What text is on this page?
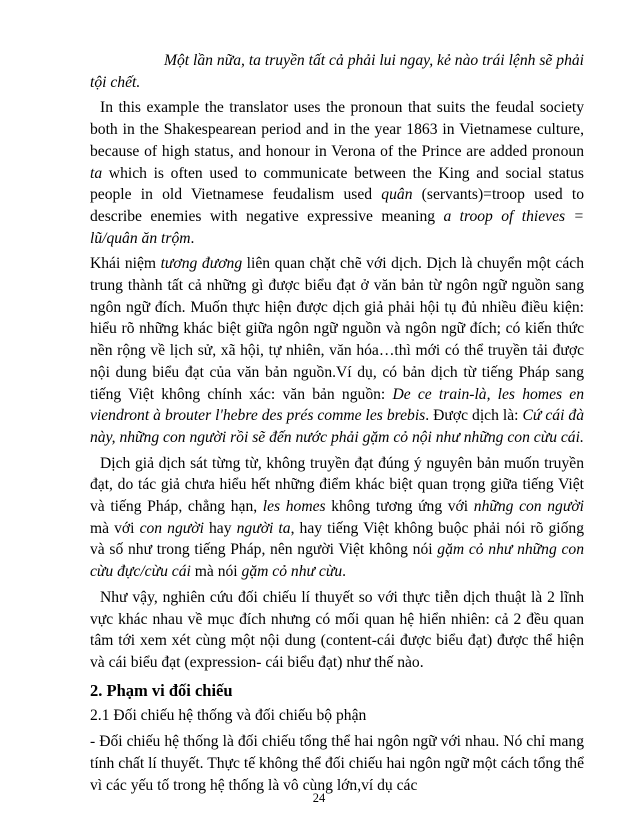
Một lần nữa, ta truyền tất cả phải lui ngay, kẻ nào trái lệnh sẽ phải tội chết.

In this example the translator uses the pronoun that suits the feudal society both in the Shakespearean period and in the year 1863 in Vietnamese culture, because of high status, and honour in Verona of the Prince are added pronoun ta which is often used to communicate between the King and social status people in old Vietnamese feudalism used quân (servants)=troop used to describe enemies with negative expressive meaning a troop of thieves = lũ/quân ăn trộm.

Khái niệm tương đương liên quan chặt chẽ với dịch. Dịch là chuyển một cách trung thành tất cả những gì được biểu đạt ở văn bản từ ngôn ngữ nguồn sang ngôn ngữ đích. Muốn thực hiện được dịch giả phải hội tụ đủ nhiều điều kiện: hiểu rõ những khác biệt giữa ngôn ngữ nguồn và ngôn ngữ đích; có kiến thức nền rộng về lịch sử, xã hội, tự nhiên, văn hóa…thì mới có thể truyền tải được nội dung biểu đạt của văn bản nguồn.Ví dụ, có bản dịch từ tiếng Pháp sang tiếng Việt không chính xác: văn bản nguồn: De ce train-là, les homes en viendront à brouter l'hebre des prés comme les brebis. Được dịch là: Cứ cái đà này, những con người rồi sẽ đến nước phải gặm cỏ nội như những con cừu cái.

Dịch giả dịch sát từng từ, không truyền đạt đúng ý nguyên bản muốn truyền đạt, do tác giả chưa hiểu hết những điểm khác biệt quan trọng giữa tiếng Việt và tiếng Pháp, chẳng hạn, les homes không tương ứng với những con người mà với con người hay người ta, hay tiếng Việt không buộc phải nói rõ giống và số như trong tiếng Pháp, nên người Việt không nói gặm cỏ như những con cừu đực/cừu cái mà nói gặm cỏ như cừu.

Như vậy, nghiên cứu đối chiếu lí thuyết so với thực tiễn dịch thuật là 2 lĩnh vực khác nhau về mục đích nhưng có mối quan hệ hiển nhiên: cả 2 đều quan tâm tới xem xét cùng một nội dung (content-cái được biểu đạt) được thể hiện và cái biểu đạt (expression- cái biểu đạt) như thế nào.

2. Phạm vi đối chiếu

2.1 Đối chiếu hệ thống và đối chiếu bộ phận

- Đối chiếu hệ thống là đối chiếu tổng thể hai ngôn ngữ với nhau. Nó chỉ mang tính chất lí thuyết. Thực tế không thể đối chiếu hai ngôn ngữ một cách tổng thể vì các yếu tố trong hệ thống là vô cùng lớn,ví dụ các

24
